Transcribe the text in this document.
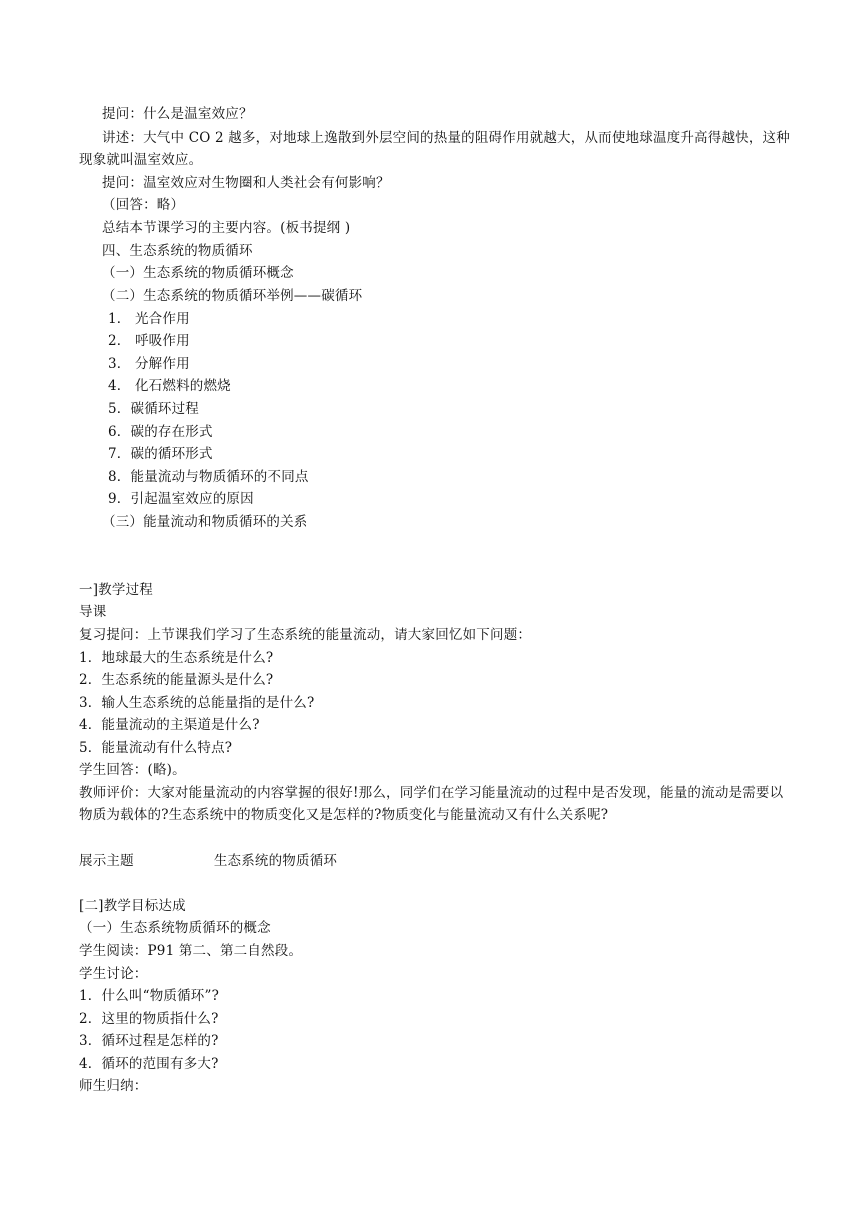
提问：什么是温室效应？
讲述：大气中 CO 2 越多，对地球上逸散到外层空间的热量的阻碍作用就越大，从而使地球温度升高得越快，这种现象就叫温室效应。
提问：温室效应对生物圈和人类社会有何影响？
（回答：略）
总结本节课学习的主要内容。(板书提纲 )
四、生态系统的物质循环
（一）生态系统的物质循环概念
（二）生态系统的物质循环举例——碳循环
1． 光合作用
2． 呼吸作用
3． 分解作用
4． 化石燃料的燃烧
5．碳循环过程
6．碳的存在形式
7．碳的循环形式
8．能量流动与物质循环的不同点
9．引起温室效应的原因
（三）能量流动和物质循环的关系
一]教学过程
导课
复习提问：上节课我们学习了生态系统的能量流动，请大家回忆如下问题：
1．地球最大的生态系统是什么?
2．生态系统的能量源头是什么?
3．输人生态系统的总能量指的是什么?
4．能量流动的主渠道是什么?
5．能量流动有什么特点?
学生回答：(略)。
教师评价：大家对能量流动的内容掌握的很好!那么，同学们在学习能量流动的过程中是否发现，能量的流动是需要以物质为载体的?生态系统中的物质变化又是怎样的?物质变化与能量流动又有什么关系呢?
展示主题	生态系统的物质循环
[二]教学目标达成
（一）生态系统物质循环的概念
学生阅读：P91 第二、第二自然段。
学生讨论：
1．什么叫“物质循环”?
2．这里的物质指什么?
3．循环过程是怎样的?
4．循环的范围有多大?
师生归纳：
